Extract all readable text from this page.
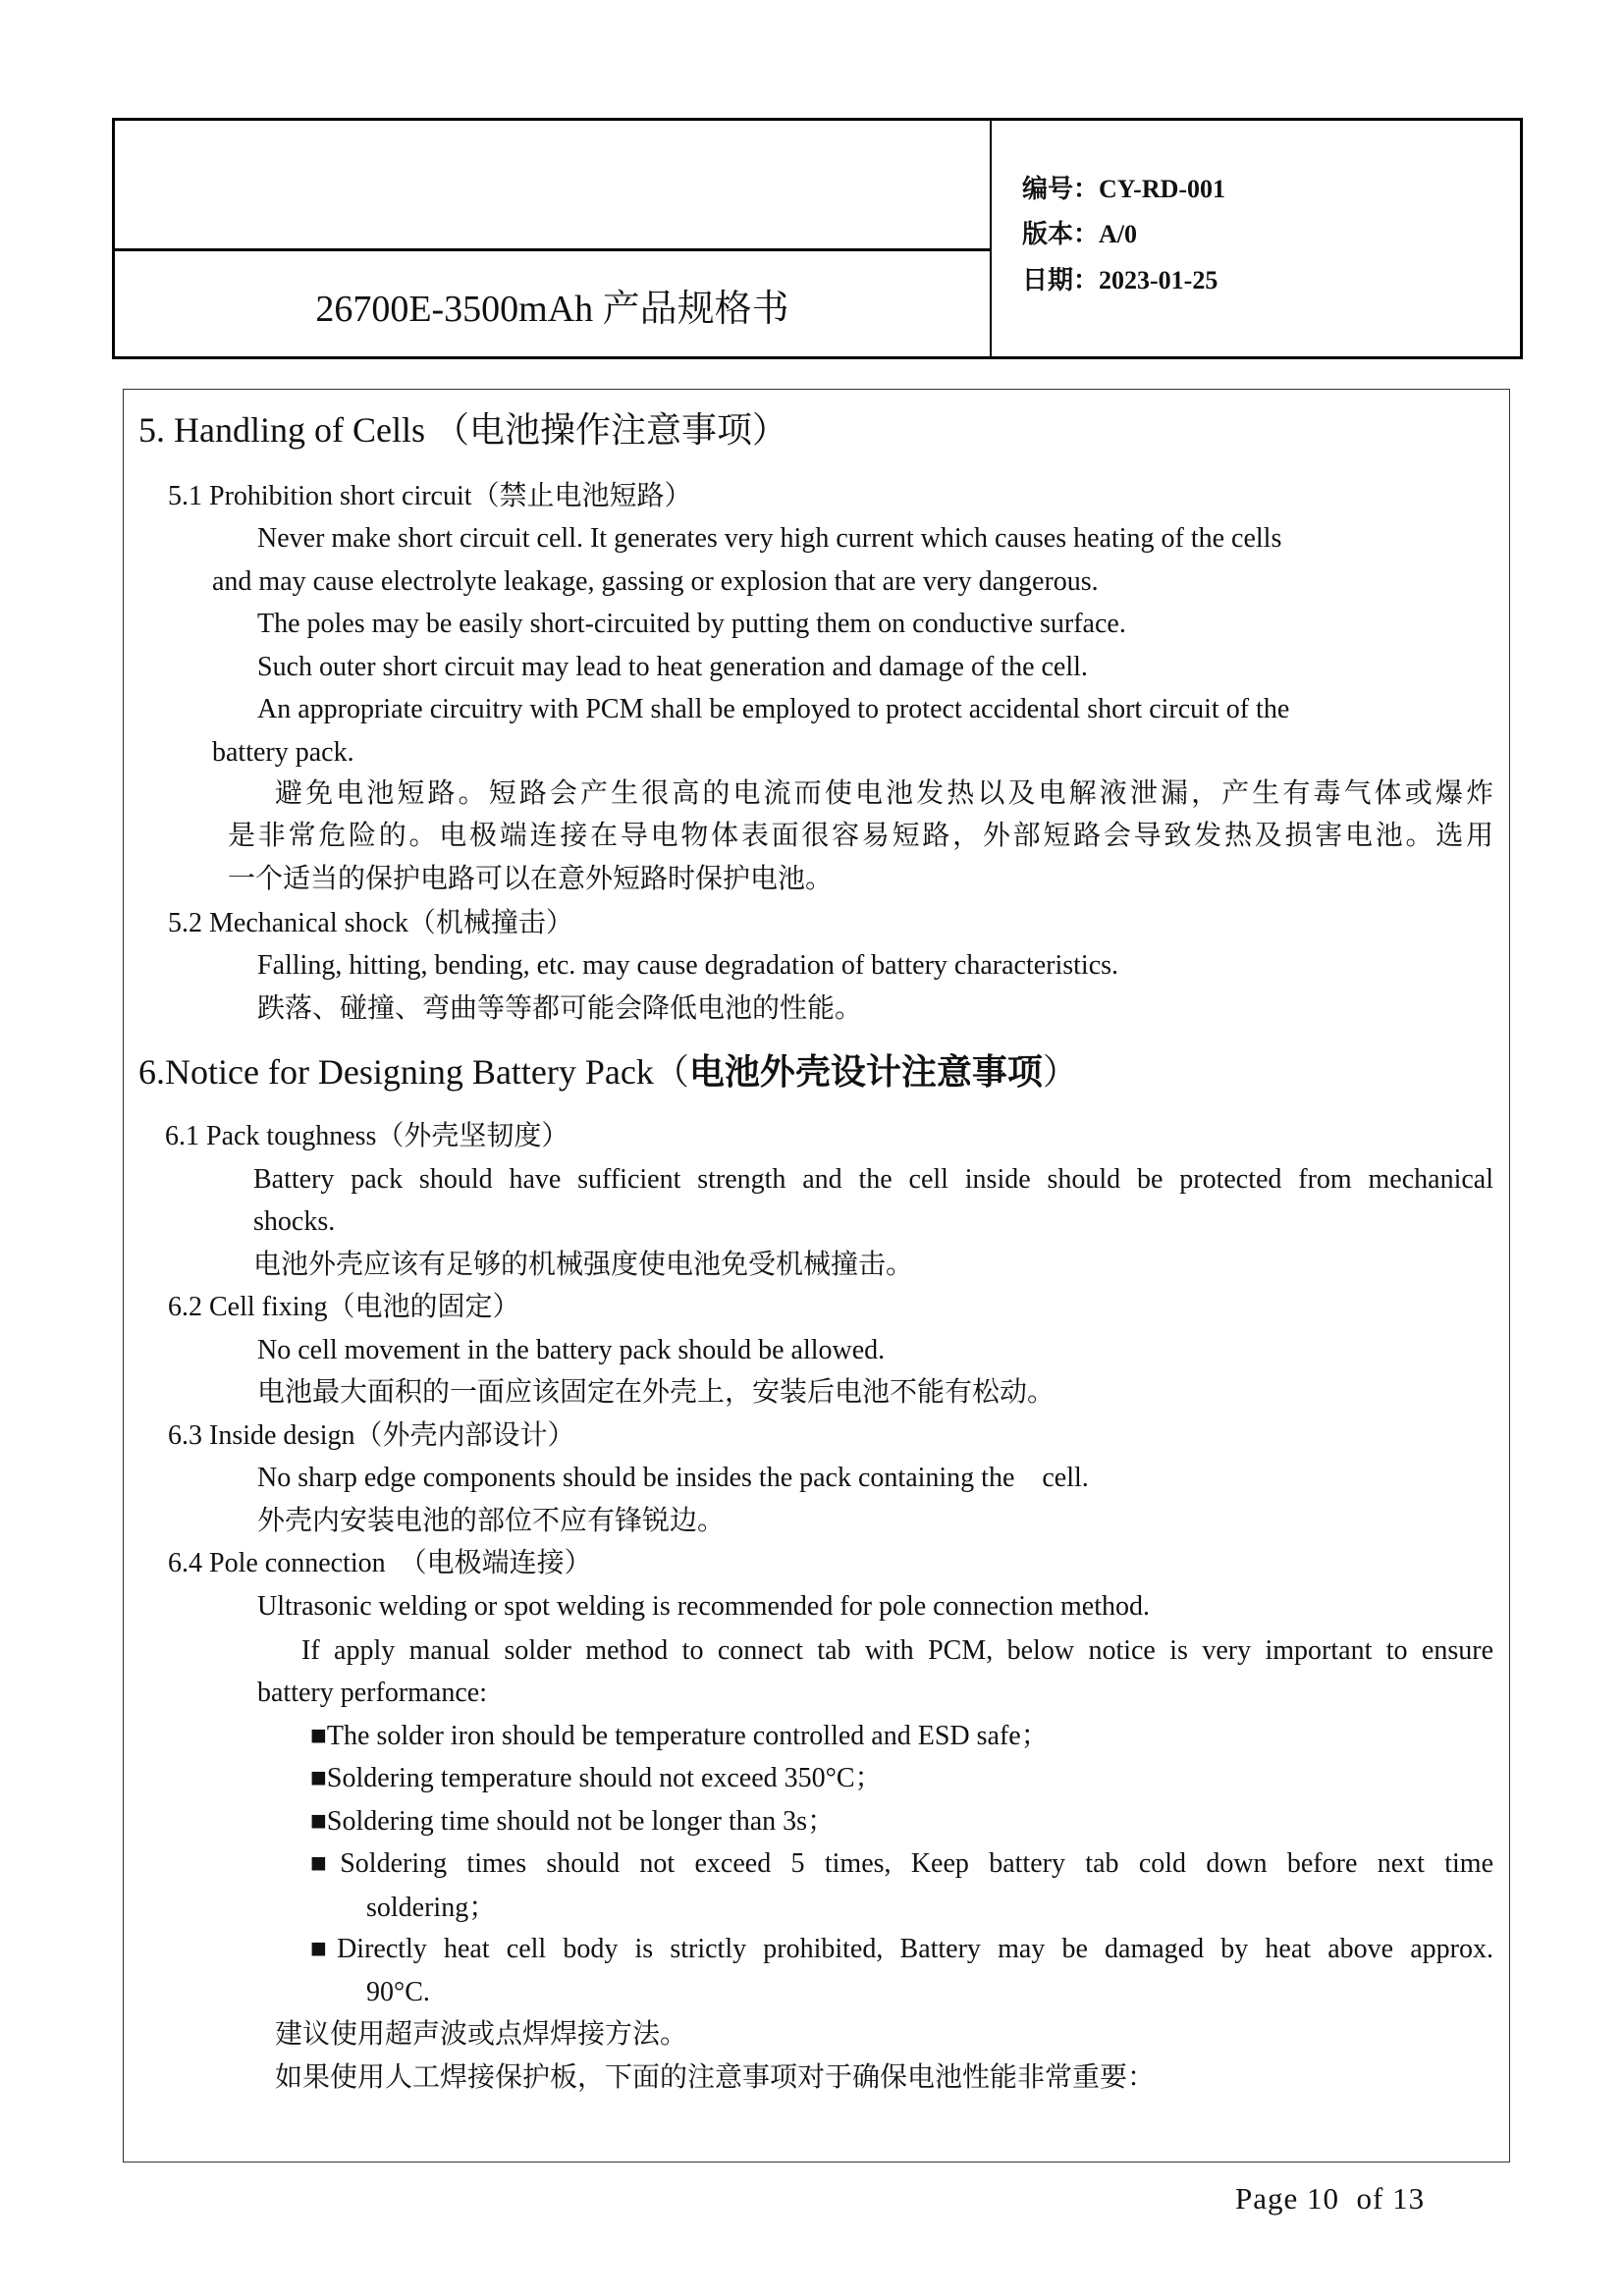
26700E-3500mAh 产品规格书
编号：CY-RD-001
版本：A/0
日期：2023-01-25
5. Handling of Cells （电池操作注意事项）
5.1 Prohibition short circuit（禁止电池短路）
Never make short circuit cell. It generates very high current which causes heating of the cells
and may cause electrolyte leakage, gassing or explosion that are very dangerous.
The poles may be easily short-circuited by putting them on conductive surface.
Such outer short circuit may lead to heat generation and damage of the cell.
An appropriate circuitry with PCM shall be employed to protect accidental short circuit of the
battery pack.
避免电池短路。短路会产生很高的电流而使电池发热以及电解液泄漏，产生有毒气体或爆炸
是非常危险的。电极端连接在导电物体表面很容易短路，外部短路会导致发热及损害电池。选用
一个适当的保护电路可以在意外短路时保护电池。
5.2 Mechanical shock（机械撞击）
Falling, hitting, bending, etc. may cause degradation of battery characteristics.
跌落、碰撞、弯曲等等都可能会降低电池的性能。
6.Notice for Designing Battery Pack（电池外壳设计注意事项）
6.1 Pack toughness（外壳坚韧度）
Battery pack should have sufficient strength and the cell inside should be protected from mechanical
shocks.
电池外壳应该有足够的机械强度使电池免受机械撞击。
6.2 Cell fixing（电池的固定）
No cell movement in the battery pack should be allowed.
电池最大面积的一面应该固定在外壳上，安装后电池不能有松动。
6.3 Inside design（外壳内部设计）
No sharp edge components should be insides the pack containing the    cell.
外壳内安装电池的部位不应有锋锐边。
6.4 Pole connection  （电极端连接）
Ultrasonic welding or spot welding is recommended for pole connection method.
If apply manual solder method to connect tab with PCM, below notice is very important to ensure
battery performance:
■The solder iron should be temperature controlled and ESD safe；
■Soldering temperature should not exceed 350°C；
■Soldering time should not be longer than 3s；
■Soldering times should not exceed 5 times, Keep battery tab cold down before next time
soldering；
■Directly heat cell body is strictly prohibited, Battery may be damaged by heat above approx.
90°C.
建议使用超声波或点焊焊接方法。
如果使用人工焊接保护板，下面的注意事项对于确保电池性能非常重要：
Page 10  of 13
